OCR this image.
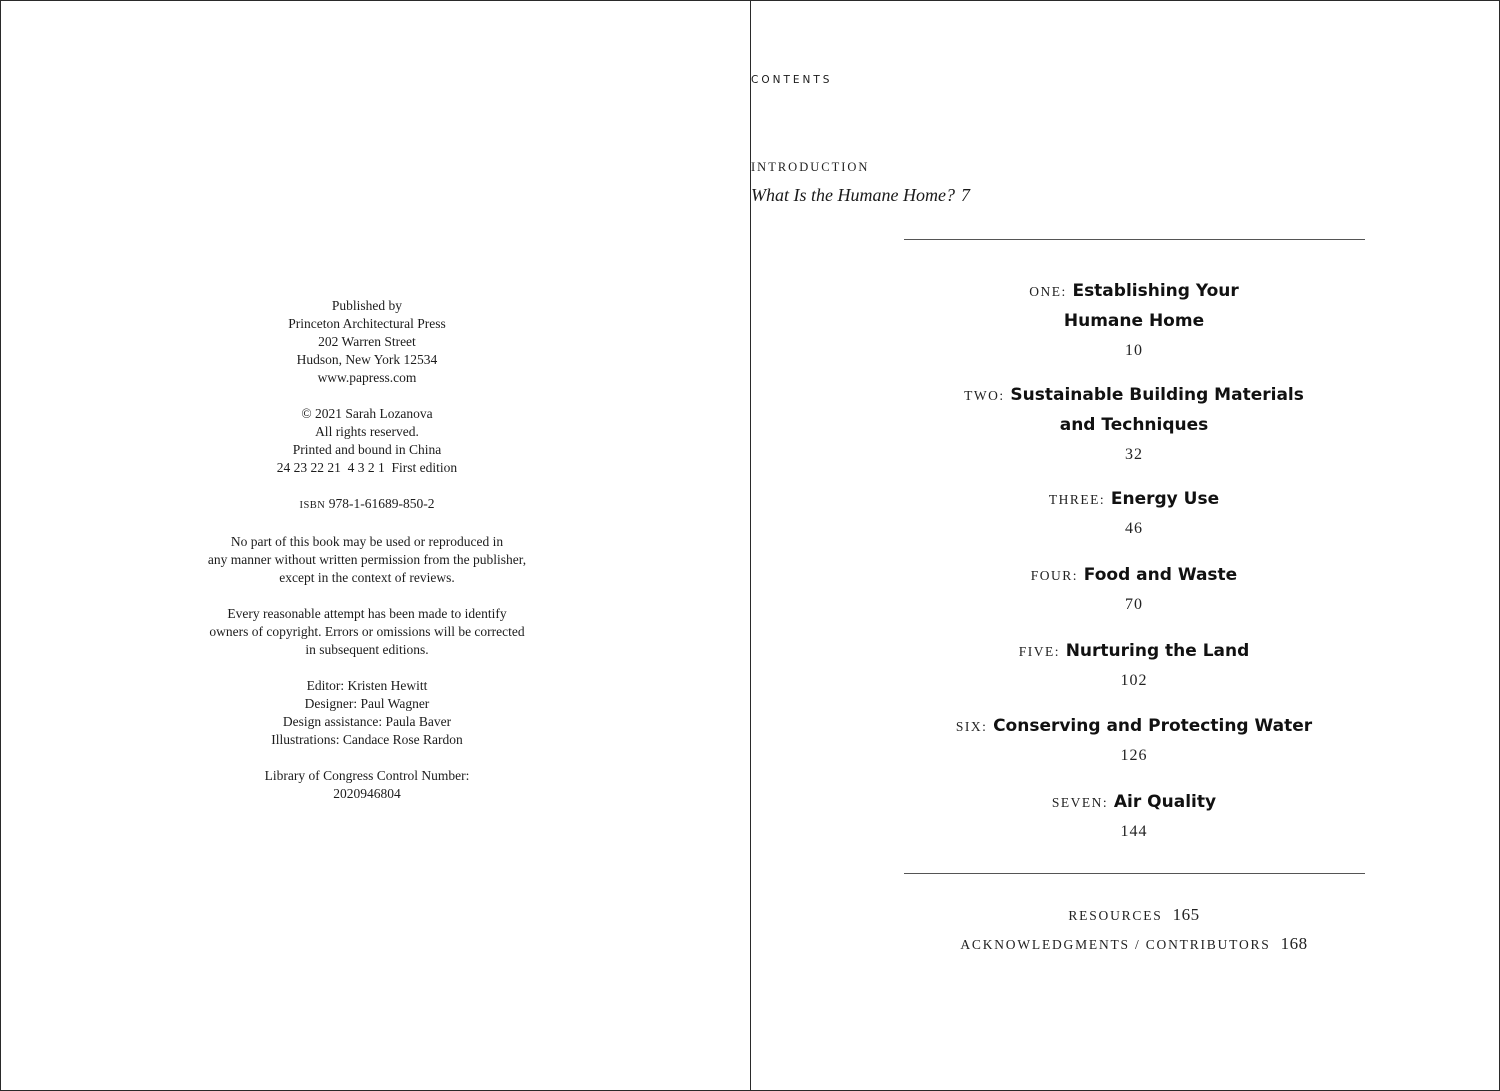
Published by
Princeton Architectural Press
202 Warren Street
Hudson, New York 12534
www.papress.com
© 2021 Sarah Lozanova
All rights reserved.
Printed and bound in China
24 23 22 21  4 3 2 1  First edition
ISBN 978-1-61689-850-2
No part of this book may be used or reproduced in
any manner without written permission from the publisher,
except in the context of reviews.
Every reasonable attempt has been made to identify
owners of copyright. Errors or omissions will be corrected
in subsequent editions.
Editor: Kristen Hewitt
Designer: Paul Wagner
Design assistance: Paula Baver
Illustrations: Candace Rose Rardon
Library of Congress Control Number:
2020946804
CONTENTS
INTRODUCTION
What Is the Humane Home? 7
ONE: Establishing Your
Humane Home
10
TWO: Sustainable Building Materials
and Techniques
32
THREE: Energy Use
46
FOUR: Food and Waste
70
FIVE: Nurturing the Land
102
SIX: Conserving and Protecting Water
126
SEVEN: Air Quality
144
RESOURCES 165
ACKNOWLEDGMENTS / CONTRIBUTORS 168
